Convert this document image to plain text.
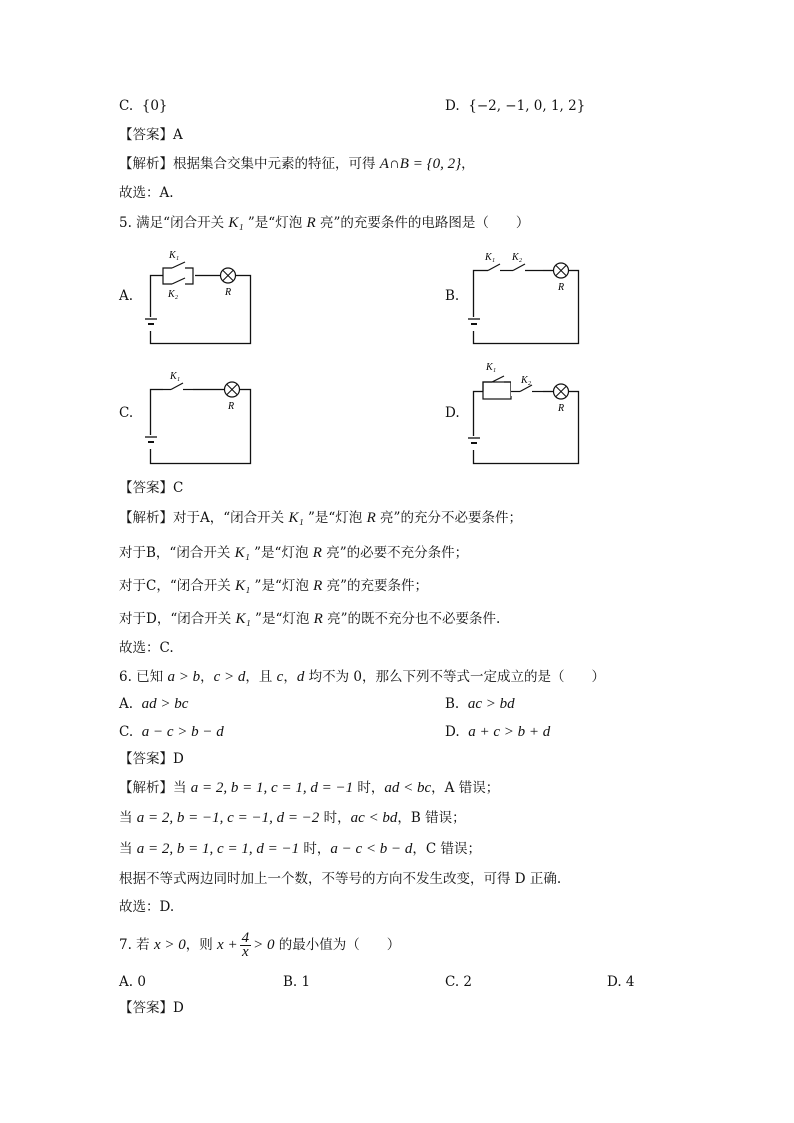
C. {0}	D. {−2, −1, 0, 1, 2}
【答案】A
【解析】根据集合交集中元素的特征，可得 A∩B = {0, 2}，
故选：A.
5. 满足“闭合开关 K₁ ”是“灯泡 R 亮”的充要条件的电路图是（　　）
A.
K₁
K₂	R	B.
K₁ K₂
R
C.
K₁
R	D.
K₁
K₂
R
【答案】C
【解析】对于A，“闭合开关 K₁ ”是“灯泡 R 亮”的充分不必要条件；
对于B，“闭合开关 K₁ ”是“灯泡 R 亮”的必要不充分条件；
对于C，“闭合开关 K₁ ”是“灯泡 R 亮”的充要条件；
对于D，“闭合开关 K₁ ”是“灯泡 R 亮”的既不充分也不必要条件.
故选：C.
6. 已知 a > b，c > d，且 c，d 均不为 0，那么下列不等式一定成立的是（　　）
A. ad > bc	B. ac > bd
C. a − c > b − d	D. a + c > b + d
【答案】D
【解析】当 a = 2, b = 1, c = 1, d = −1 时，ad < bc，A 错误；
当 a = 2, b = −1, c = −1, d = −2 时，ac < bd，B 错误；
当 a = 2, b = 1, c = 1, d = −1 时，a − c < b − d，C 错误；
根据不等式两边同时加上一个数，不等号的方向不发生改变，可得 D 正确.
故选：D.
7. 若 x > 0，则 $x + \frac{4}{x} > 0$ 的最小值为（　　）
A. 0	B. 1	C. 2	D. 4
【答案】D
